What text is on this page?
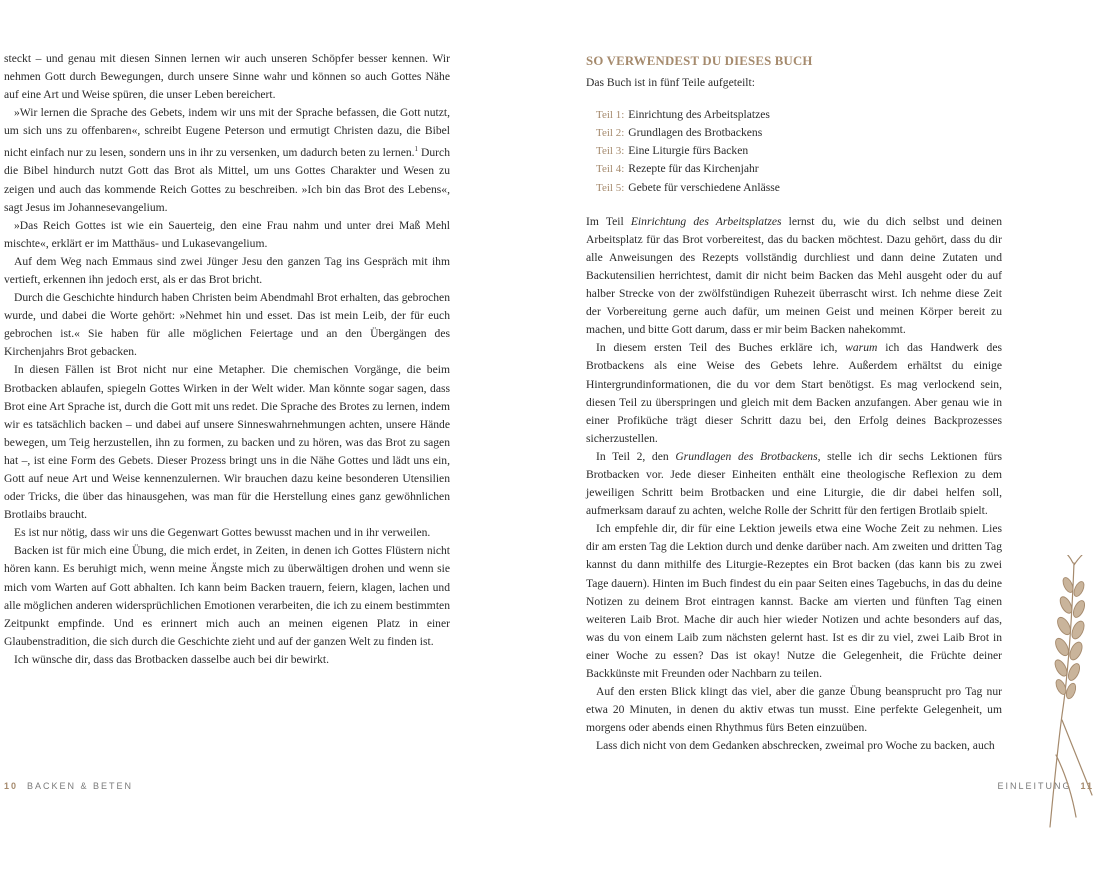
steckt – und genau mit diesen Sinnen lernen wir auch unseren Schöpfer besser kennen. Wir nehmen Gott durch Bewegungen, durch unsere Sinne wahr und können so auch Gottes Nähe auf eine Art und Weise spüren, die unser Leben bereichert.

»Wir lernen die Sprache des Gebets, indem wir uns mit der Sprache befassen, die Gott nutzt, um sich uns zu offenbaren«, schreibt Eugene Peterson und ermutigt Christen dazu, die Bibel nicht einfach nur zu lesen, sondern uns in ihr zu versenken, um dadurch beten zu lernen.$^1$ Durch die Bibel hindurch nutzt Gott das Brot als Mittel, um uns Gottes Charakter und Wesen zu zeigen und auch das kommende Reich Gottes zu beschreiben. »Ich bin das Brot des Lebens«, sagt Jesus im Johannesevangelium.

»Das Reich Gottes ist wie ein Sauerteig, den eine Frau nahm und unter drei Maß Mehl mischte«, erklärt er im Matthäus- und Lukasevangelium.

Auf dem Weg nach Emmaus sind zwei Jünger Jesu den ganzen Tag ins Gespräch mit ihm vertieft, erkennen ihn jedoch erst, als er das Brot bricht.

Durch die Geschichte hindurch haben Christen beim Abendmahl Brot erhalten, das gebrochen wurde, und dabei die Worte gehört: »Nehmet hin und esset. Das ist mein Leib, der für euch gebrochen ist.« Sie haben für alle möglichen Feiertage und an den Übergängen des Kirchenjahrs Brot gebacken.

In diesen Fällen ist Brot nicht nur eine Metapher. Die chemischen Vorgänge, die beim Brotbacken ablaufen, spiegeln Gottes Wirken in der Welt wider. Man könnte sogar sagen, dass Brot eine Art Sprache ist, durch die Gott mit uns redet. Die Sprache des Brotes zu lernen, indem wir es tatsächlich backen – und dabei auf unsere Sinneswahrnehmungen achten, unsere Hände bewegen, um Teig herzustellen, ihn zu formen, zu backen und zu hören, was das Brot zu sagen hat –, ist eine Form des Gebets. Dieser Prozess bringt uns in die Nähe Gottes und lädt uns ein, Gott auf neue Art und Weise kennenzulernen. Wir brauchen dazu keine besonderen Utensilien oder Tricks, die über das hinausgehen, was man für die Herstellung eines ganz gewöhnlichen Brotlaibs braucht.

Es ist nur nötig, dass wir uns die Gegenwart Gottes bewusst machen und in ihr verweilen.

Backen ist für mich eine Übung, die mich erdet, in Zeiten, in denen ich Gottes Flüstern nicht hören kann. Es beruhigt mich, wenn meine Ängste mich zu überwältigen drohen und wenn sie mich vom Warten auf Gott abhalten. Ich kann beim Backen trauern, feiern, klagen, lachen und alle möglichen anderen widersprüchlichen Emotionen verarbeiten, die ich zu einem bestimmten Zeitpunkt empfinde. Und es erinnert mich auch an meinen eigenen Platz in einer Glaubenstradition, die sich durch die Geschichte zieht und auf der ganzen Welt zu finden ist.

Ich wünsche dir, dass das Brotbacken dasselbe auch bei dir bewirkt.

10 BACKEN & BETEN

SO VERWENDEST DU DIESES BUCH

Das Buch ist in fünf Teile aufgeteilt:

Teil 1: Einrichtung des Arbeitsplatzes
Teil 2: Grundlagen des Brotbackens
Teil 3: Eine Liturgie fürs Backen
Teil 4: Rezepte für das Kirchenjahr
Teil 5: Gebete für verschiedene Anlässe

Im Teil Einrichtung des Arbeitsplatzes lernst du, wie du dich selbst und deinen Arbeitsplatz für das Brot vorbereitest, das du backen möchtest. Dazu gehört, dass du dir alle Anweisungen des Rezepts vollständig durchliest und dann deine Zutaten und Backutensilien herrichtest, damit dir nicht beim Backen das Mehl ausgeht oder du auf halber Strecke von der zwölfstündigen Ruhezeit überrascht wirst. Ich nehme diese Zeit der Vorbereitung gerne auch dafür, um meinen Geist und meinen Körper bereit zu machen, und bitte Gott darum, dass er mir beim Backen nahekommt.

In diesem ersten Teil des Buches erkläre ich, warum ich das Handwerk des Brotbackens als eine Weise des Gebets lehre. Außerdem erhältst du einige Hintergrundinformationen, die du vor dem Start benötigst. Es mag verlockend sein, diesen Teil zu überspringen und gleich mit dem Backen anzufangen. Aber genau wie in einer Profiküche trägt dieser Schritt dazu bei, den Erfolg deines Backprozesses sicherzustellen.

In Teil 2, den Grundlagen des Brotbackens, stelle ich dir sechs Lektionen fürs Brotbacken vor. Jede dieser Einheiten enthält eine theologische Reflexion zu dem jeweiligen Schritt beim Brotbacken und eine Liturgie, die dir dabei helfen soll, aufmerksam darauf zu achten, welche Rolle der Schritt für den fertigen Brotlaib spielt.

Ich empfehle dir, dir für eine Lektion jeweils etwa eine Woche Zeit zu nehmen. Lies dir am ersten Tag die Lektion durch und denke darüber nach. Am zweiten und dritten Tag kannst du dann mithilfe des Liturgie-Rezeptes ein Brot backen (das kann bis zu zwei Tage dauern). Hinten im Buch findest du ein paar Seiten eines Tagebuchs, in das du deine Notizen zu deinem Brot eintragen kannst. Backe am vierten und fünften Tag einen weiteren Laib Brot. Mache dir auch hier wieder Notizen und achte besonders auf das, was du von einem Laib zum nächsten gelernt hast. Ist es dir zu viel, zwei Laib Brot in einer Woche zu essen? Das ist okay! Nutze die Gelegenheit, die Früchte deiner Backkünste mit Freunden oder Nachbarn zu teilen.

Auf den ersten Blick klingt das viel, aber die ganze Übung beansprucht pro Tag nur etwa 20 Minuten, in denen du aktiv etwas tun musst. Eine perfekte Gelegenheit, um morgens oder abends einen Rhythmus fürs Beten einzuüben.

Lass dich nicht von dem Gedanken abschrecken, zweimal pro Woche zu backen, auch

EINLEITUNG 11
